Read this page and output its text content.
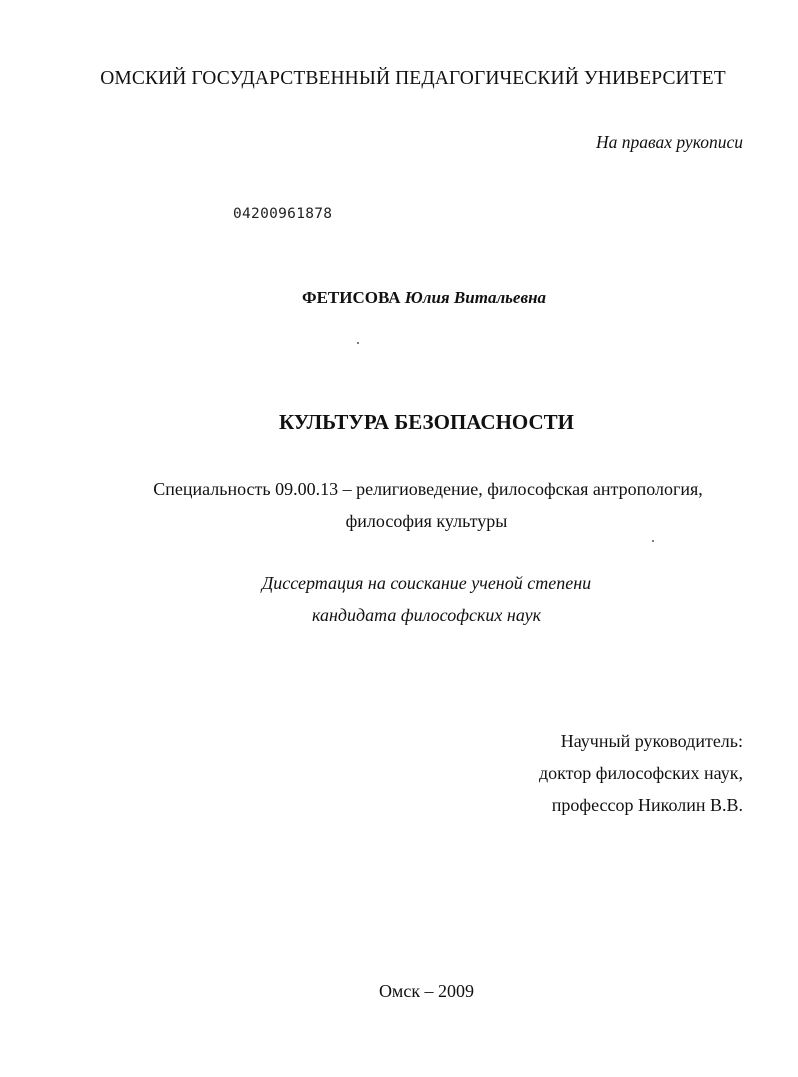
ОМСКИЙ ГОСУДАРСТВЕННЫЙ ПЕДАГОГИЧЕСКИЙ УНИВЕРСИТЕТ
На правах рукописи
04200961878
ФЕТИСОВА Юлия Витальевна
КУЛЬТУРА БЕЗОПАСНОСТИ
Специальность 09.00.13 – религиоведение, философская антропология,
философия культуры
Диссертация на соискание ученой степени
кандидата философских наук
Научный руководитель:
доктор философских наук,
профессор Николин В.В.
Омск – 2009
